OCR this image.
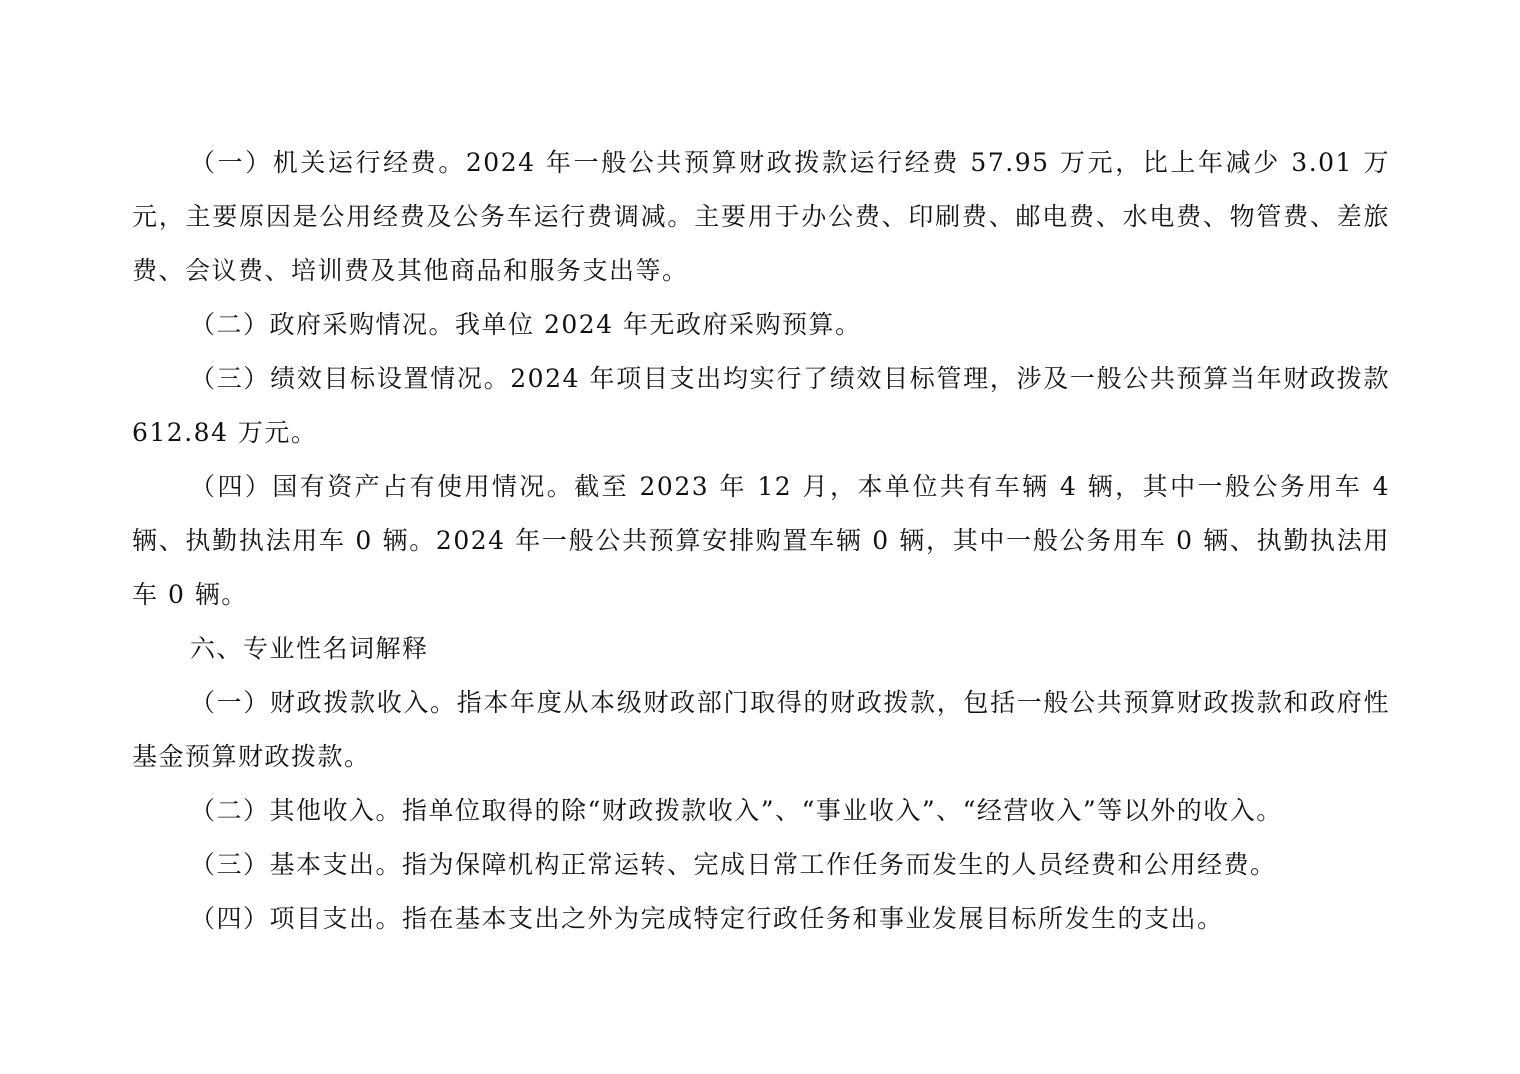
（一）机关运行经费。2024 年一般公共预算财政拨款运行经费 57.95 万元，比上年减少 3.01 万元，主要原因是公用经费及公务车运行费调减。主要用于办公费、印刷费、邮电费、水电费、物管费、差旅费、会议费、培训费及其他商品和服务支出等。

（二）政府采购情况。我单位 2024 年无政府采购预算。

（三）绩效目标设置情况。2024 年项目支出均实行了绩效目标管理，涉及一般公共预算当年财政拨款 612.84 万元。

（四）国有资产占有使用情况。截至 2023 年 12 月，本单位共有车辆 4 辆，其中一般公务用车 4 辆、执勤执法用车 0 辆。2024 年一般公共预算安排购置车辆 0 辆，其中一般公务用车 0 辆、执勤执法用车 0 辆。

六、专业性名词解释

（一）财政拨款收入。指本年度从本级财政部门取得的财政拨款，包括一般公共预算财政拨款和政府性基金预算财政拨款。

（二）其他收入。指单位取得的除“财政拨款收入”、“事业收入”、“经营收入”等以外的收入。

（三）基本支出。指为保障机构正常运转、完成日常工作任务而发生的人员经费和公用经费。

（四）项目支出。指在基本支出之外为完成特定行政任务和事业发展目标所发生的支出。
